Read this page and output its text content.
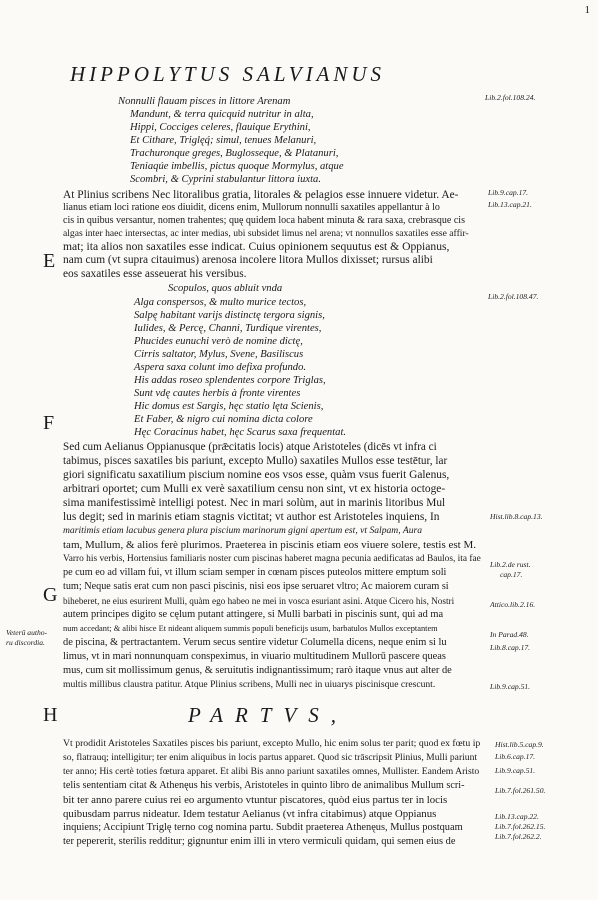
1
HIPPOLYTUS SALVIANUS
Nonnulli flauam pisces in littore Arenam
Mandunt, & terra quicquid nutritur in alta,
Hippi, Cocciges celeres, flauique Erythini,
Et Cithare, Triglęq́; simul, tenues Melanuri,
Trachuronque greges, Buglosseque, & Platanuri,
Teniaqúe imbellis, pictus quoque Mormylus, atque
Scombri, & Cyprini stabulantur littora iuxta.
At Plinius scribens Nec litoralibus gratia, litorales & pelagios esse innuere videtur. Ae-
lianus etiam loci ratione eos diuidit, dicens enim, Mullorum nonnulli saxatiles appellantur à lo
cis in quibus versantur, nomen trahentes; quę quidem loca habent minuta & rara saxa, crebrasque cis
algas inter haec intersectas, ac inter medias, ubi subsidet limus nel arena; vt nonnullos saxatiles esse affir-
mat; ita alios non saxatiles esse indicat. Cuius opinionem sequutus est & Oppianus,
nam cum (vt supra citauimus) arenosa incolere litora Mullos dixisset; rursus alibi
eos saxatiles esse asseuerat his versibus.
E
Scopulos, quos abluit vnda
Alga conspersos, & multo murice tectos,
Salpę habitant varijs distinctę tergora signis,
Iulides, & Percę, Channi, Turdique virentes,
Phucides eunuchi verò de nomine dictę,
Cirris saltator, Mylus, Svene, Basiliscus
Aspera saxa colunt imo defixa profundo.
His addas roseo splendentes corpore Triglas,
Sunt vdę cautes herbis à fronte virentes
Hic domus est Sargis, hęc statio lęta Scienis,
Et Faber, & nigro cui nomina dicta colore
Hęc Coracinus habet, hęc Scarus saxa frequentat.
F
Sed cum Aelianus Oppianusque (prǣcitatis locis) atque Aristoteles (dicēs vt infra ci
tabimus, pisces saxatiles bis pariunt, excepto Mullo) saxatiles Mullos esse testētur, lar
giori significatu saxatilium piscium nomine eos vsos esse, quàm vsus fuerit Galenus,
arbitrari oportet; cum Mulli ex verè saxatilium censu non sint, vt ex historia octoge-
sima manifestissimè intelligi potest. Nec in mari solùm, aut in marinis litoribus Mul
lus degit; sed in marinis etiam stagnis victitat; vt author est Aristoteles inquiens, In
maritimis etiam lacubus genera plura piscium marinorum gigni apertum est, vt Salpam, Aura
tam, Mullum, & alios ferè plurimos. Praeterea in piscinis etiam eos viuere solere, testis est M.
Varro his verbis, Hortensius familiaris noster cum piscinas haberet magna pecunia aedificatas ad Baulos, ita fae
pe cum eo ad villam fui, vt illum sciam semper in cœnam pisces puteolos mittere emptum soli
tum; Neque satis erat cum non pasci piscinis, nisi eos ipse seruaret vltro; Ac maiorem curam si
biheberet, ne eius esurirent Mulli, quàm ego habeo ne mei in vosca esuriant asini. Atque Cicero his, Nostri
autem principes digito se cęlum putant attingere, si Mulli barbati in piscinis sunt, qui ad ma
num accedant; & alibi hisce Et nideant aliquem summis populi beneficijs usum, barbatulos Mullos exceptantem
de piscina, & pertractantem. Verum secus sentire videtur Columella dicens, neque enim si lu
limus, vt in mari nonnunquam conspeximus, in viuario multitudinem Mullorū pascere queas
mus, cum sit mollissimum genus, & seruitutis indignantissimum; rarò itaque vnus aut alter de
multis millibus claustra patitur. Atque Plinius scribens, Mulli nec in uiuarys piscinisque crescunt.
G
Veterũ autho-
ru discordia.
H	PARTVS,
Vt prodidit Aristoteles Saxatiles pisces bis pariunt, excepto Mullo, hic enim solus ter parit; quod ex fœtu ip
so, flatrauq; intelligitur; ter enim aliquibus in locis partus apparet. Quod sic trāscripsit Plinius, Mulli pariunt
ter anno; His certè toties fœtura apparet. Et alibi Bis anno pariunt saxatiles omnes, Mullister. Eandem Aristo
telis sententiam citat & Athenęus his verbis, Aristoteles in quinto libro de animalibus Mullum scri-
bit ter anno parere cuius rei eo argumento vtuntur piscatores, quòd eius partus ter in locis
quibusdam parrus nideatur. Idem testatur Aelianus (vt infra citabimus) atque Oppianus
inquiens; Accipiunt Triglę terno cog nomina partu. Subdit praeterea Athenęus, Mullus postquam
ter pepererit, sterilis redditur; gignuntur enim illi in vtero vermiculi quidam, qui semen eius de
Lib.2.fol.108.24.
Lib.9.cap.17.
Lib.13.cap.21.
Lib.2.fol.108.47.
Hist.lib.8.cap.13.
Lib.2.de rust.
cap.17.
Attico.lib.2.16.
In Parad.48.
Lib.8.cap.17.
Lib.9.cap.51.
Hist.lib.5.cap.9.
Lib.6.cap.17.
Lib.9.cap.51.
Lib.7.fol.261.50.
Lib.13.cap.22.
Lib.7.fol.262.15.
Lib.7.fol.262.2.
